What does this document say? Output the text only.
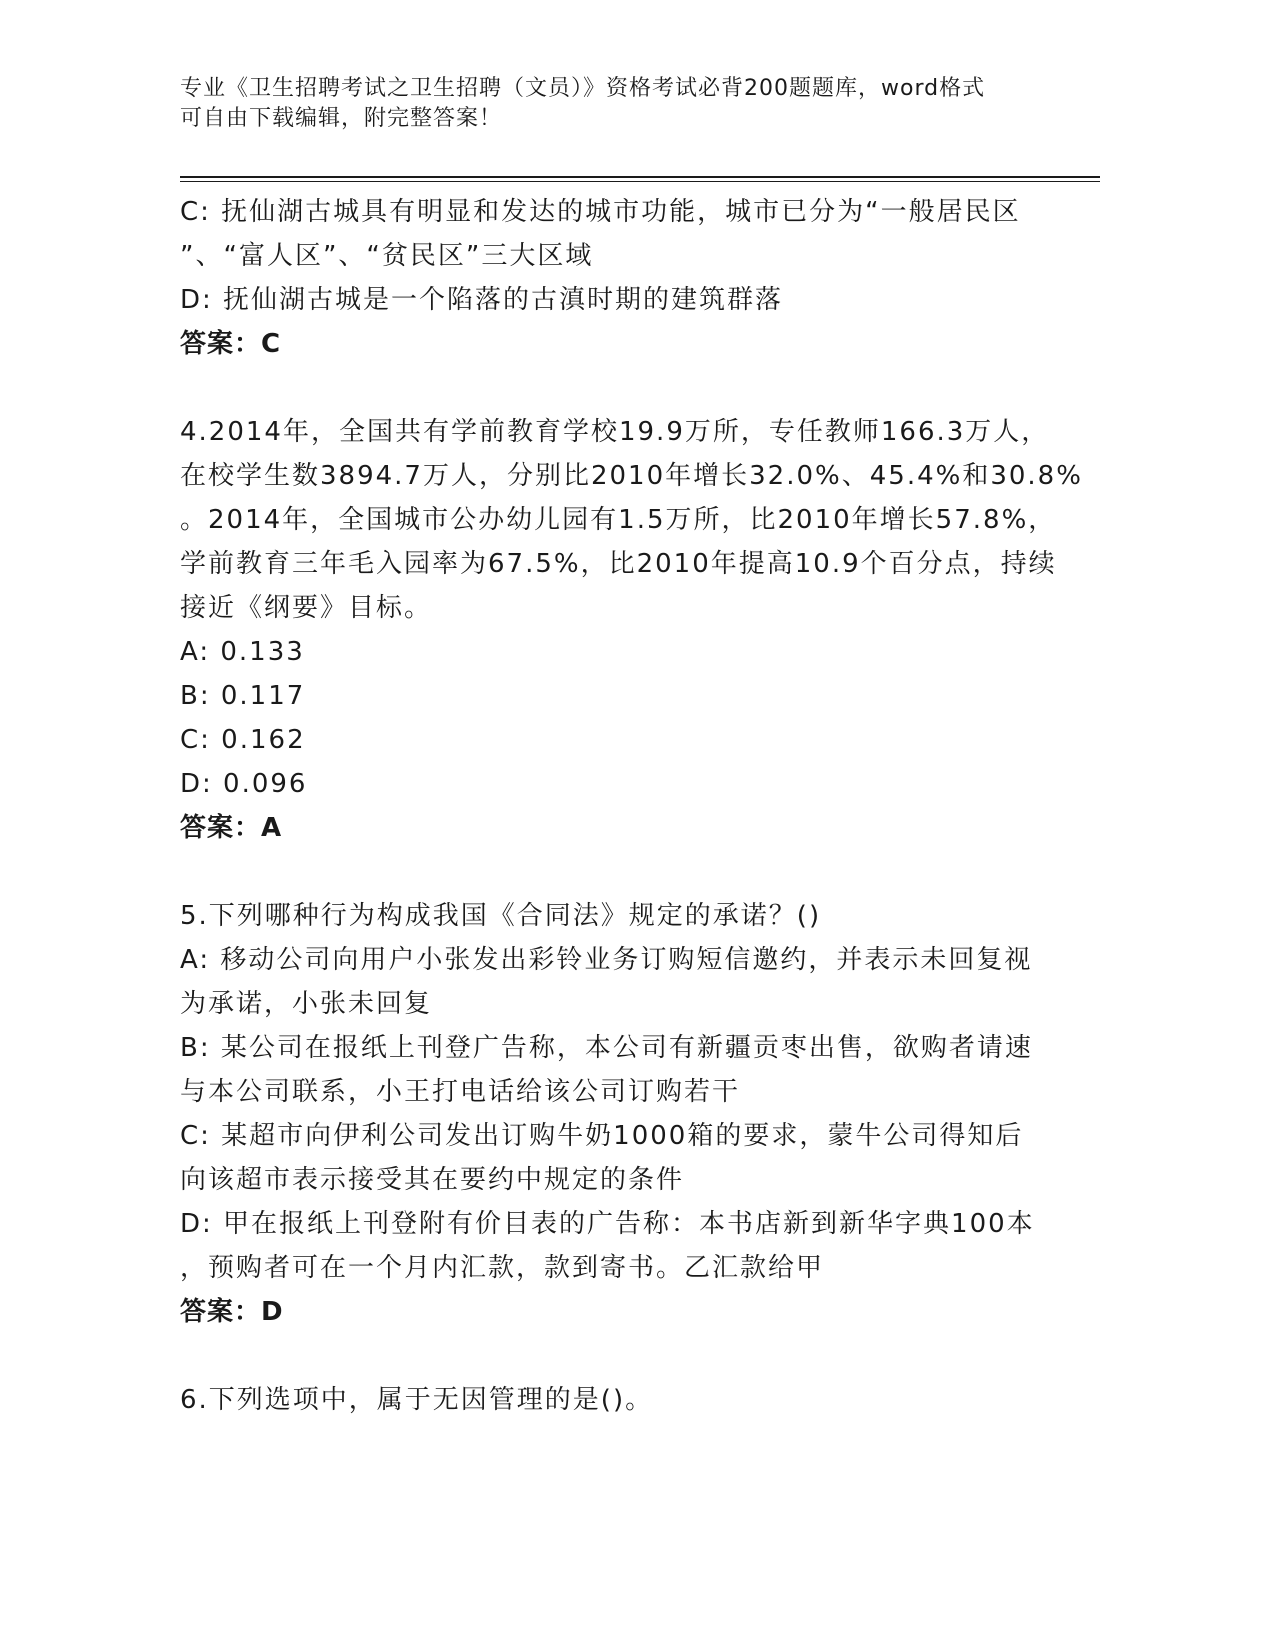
专业《卫生招聘考试之卫生招聘（文员）》资格考试必背200题题库，word格式
可自由下载编辑，附完整答案！
C: 抚仙湖古城具有明显和发达的城市功能，城市已分为“一般居民区
”、“富人区”、“贫民区”三大区域
D: 抚仙湖古城是一个陷落的古滇时期的建筑群落
答案：C
4.2014年，全国共有学前教育学校19.9万所，专任教师166.3万人，
在校学生数3894.7万人，分别比2010年增长32.0%、45.4%和30.8%
。2014年，全国城市公办幼儿园有1.5万所，比2010年增长57.8%，
学前教育三年毛入园率为67.5%，比2010年提高10.9个百分点，持续
接近《纲要》目标。
A: 0.133
B: 0.117
C: 0.162
D: 0.096
答案：A
5.下列哪种行为构成我国《合同法》规定的承诺？()
A: 移动公司向用户小张发出彩铃业务订购短信邀约，并表示未回复视
为承诺，小张未回复
B: 某公司在报纸上刊登广告称，本公司有新疆贡枣出售，欲购者请速
与本公司联系，小王打电话给该公司订购若干
C: 某超市向伊利公司发出订购牛奶1000箱的要求，蒙牛公司得知后
向该超市表示接受其在要约中规定的条件
D: 甲在报纸上刊登附有价目表的广告称：本书店新到新华字典100本
，预购者可在一个月内汇款，款到寄书。乙汇款给甲
答案：D
6.下列选项中，属于无因管理的是()。
